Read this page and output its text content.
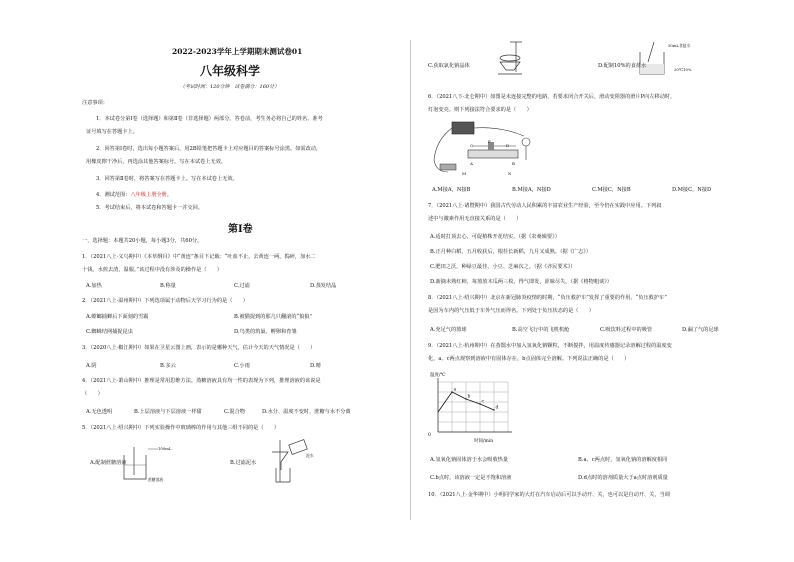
2022-2023学年上学期期末测试卷01
八年级科学
（考试时间：120分钟　试卷满分：160分）
注意事项：
1．本试卷分第Ⅰ卷（选择题）和第Ⅱ卷（非选择题）两部分。答卷前，考生务必将自己的姓名、准考
证号填写在答题卡上。
2．回答第Ⅰ卷时，选出每小题答案后，用2B铅笔把答题卡上对应题目的答案标号涂黑。如需改动，
用橡皮擦干净后，再选涂其他答案标号。写在本试卷上无效。
3．回答第Ⅱ卷时，将答案写在答题卡上。写在本试卷上无效。
4．测试范围：八年级上册全册。
5．考试结束后，将本试卷和答题卡一并交回。
第Ⅰ卷
一、选择题：本题共20小题，每小题3分，共60分。
1．（2021八上·义乌期中）《本草纲目》中“黄连”条目下记载：“吐血不止，去黄连一两，捣碎，加水二
十钱，水煎去渣，温服。”该过程中没有涉及的操作是（　　）
A.加热	B.称量	C.过滤	D.蒸发结晶
2．（2021八上·温州期中）下列选项属于动物后天学习行为的是（　　）
A.螳螂捕蝉后下面刻的雪霸	B.被猫捉到的那几只翻滚的“狼狼”
C.蜘蛛结网捕捉昆虫	D.鸟类的筑巢、孵卵和育雏
3．（2020八上·椒江期中）如果在卫星云图上画，表示的是哪种天气，估计今天的天气情况是（　　）
A.阴	B.多云	C.小雨	D.晴
4．（2021八上·萧山期中）推理是常用思维方法。蒸糖溶液具有均一性的表现为下列，推理溶液的该说是
（　　）
A.无色透明	B.上层溶液与下层溶液一样甜	C.混合物	D.水分、温度不变时，蔗糖与水不分离
5．（2021八上·绍兴期中）下列实验操作中玻璃棒的作用与其他三组不同的是（　　）
100mL
蔗糖溶液
A.配制蔗糖溶液
泥水
B.过滤泥水
C.获取氯化钠晶体
50mL食盐水
20℃10%
D.配制10%的食盐水
6．（2021八下·北仑期中）如图是未连接完整的电路，若要求闭合开关后，滑动变阻器的滑片P向左移动时，
灯泡变亮。则下列接法符合要求的是（　　）
C	D
P
A	B
M	N
A.M接A，N接B	B.M接A，N接D	C.M接C，N接B	D.M接C，N接D
7．（2021八上·诸暨期中）我国古代劳动人民积累的丰富农业生产经验，至今仍在实践中应用。下列叙
述中与激素作用无直接关系的是（　　）
A.适时打顶去心，可促植株开花结实。（据《农桑辑要》）
B.正月种白稻，五月收获后，根茬长新稻，九月又成熟。（据《广志》）
C.肥田之沃，种绿豆最佳，小豆、芝麻次之。（据《齐民要术》）
D.新摘未熟红柿，每篮放木瓜两三枚，得气即发，涩味尽失。（据《格物粗谈》）
8．（2021八上·绍兴期中）北京在新冠肺炎疫情的时期，“负压救护车”发挥了重要的作用。“负压救护车”
是因为车内的气压低于车外气压而得名。下列处于负压状态的是（　　）
A.充足气的篮球	B.高空飞行中的飞机机舱	C.吸饮料过程中的吸管	D.漏了气的足球
9．（2021八上·杭州期中）在蒸馏水中加入氢氧化钠颗粒，不断搅拌，用温度传感器记录溶解过程的温度变
化，a、c两点观察到溶液中有固体存在，b点固体完全溶解。下列说法正确的是（　　）
温度/℃
时间/min
0
a
b
c
d
A.氢氧化钠固体溶于水会吸收热量	B.a、c两点时，氢氧化钠的溶解度相同
C.b点时，该溶液一定是不饱和溶液	D.d点时的溶剂质量大于a点时溶剂质量
10．（2021八上·金华期中）小明同学家的大灯在汽车启动后可以手动开、关，也可以是自动开、关，当调
